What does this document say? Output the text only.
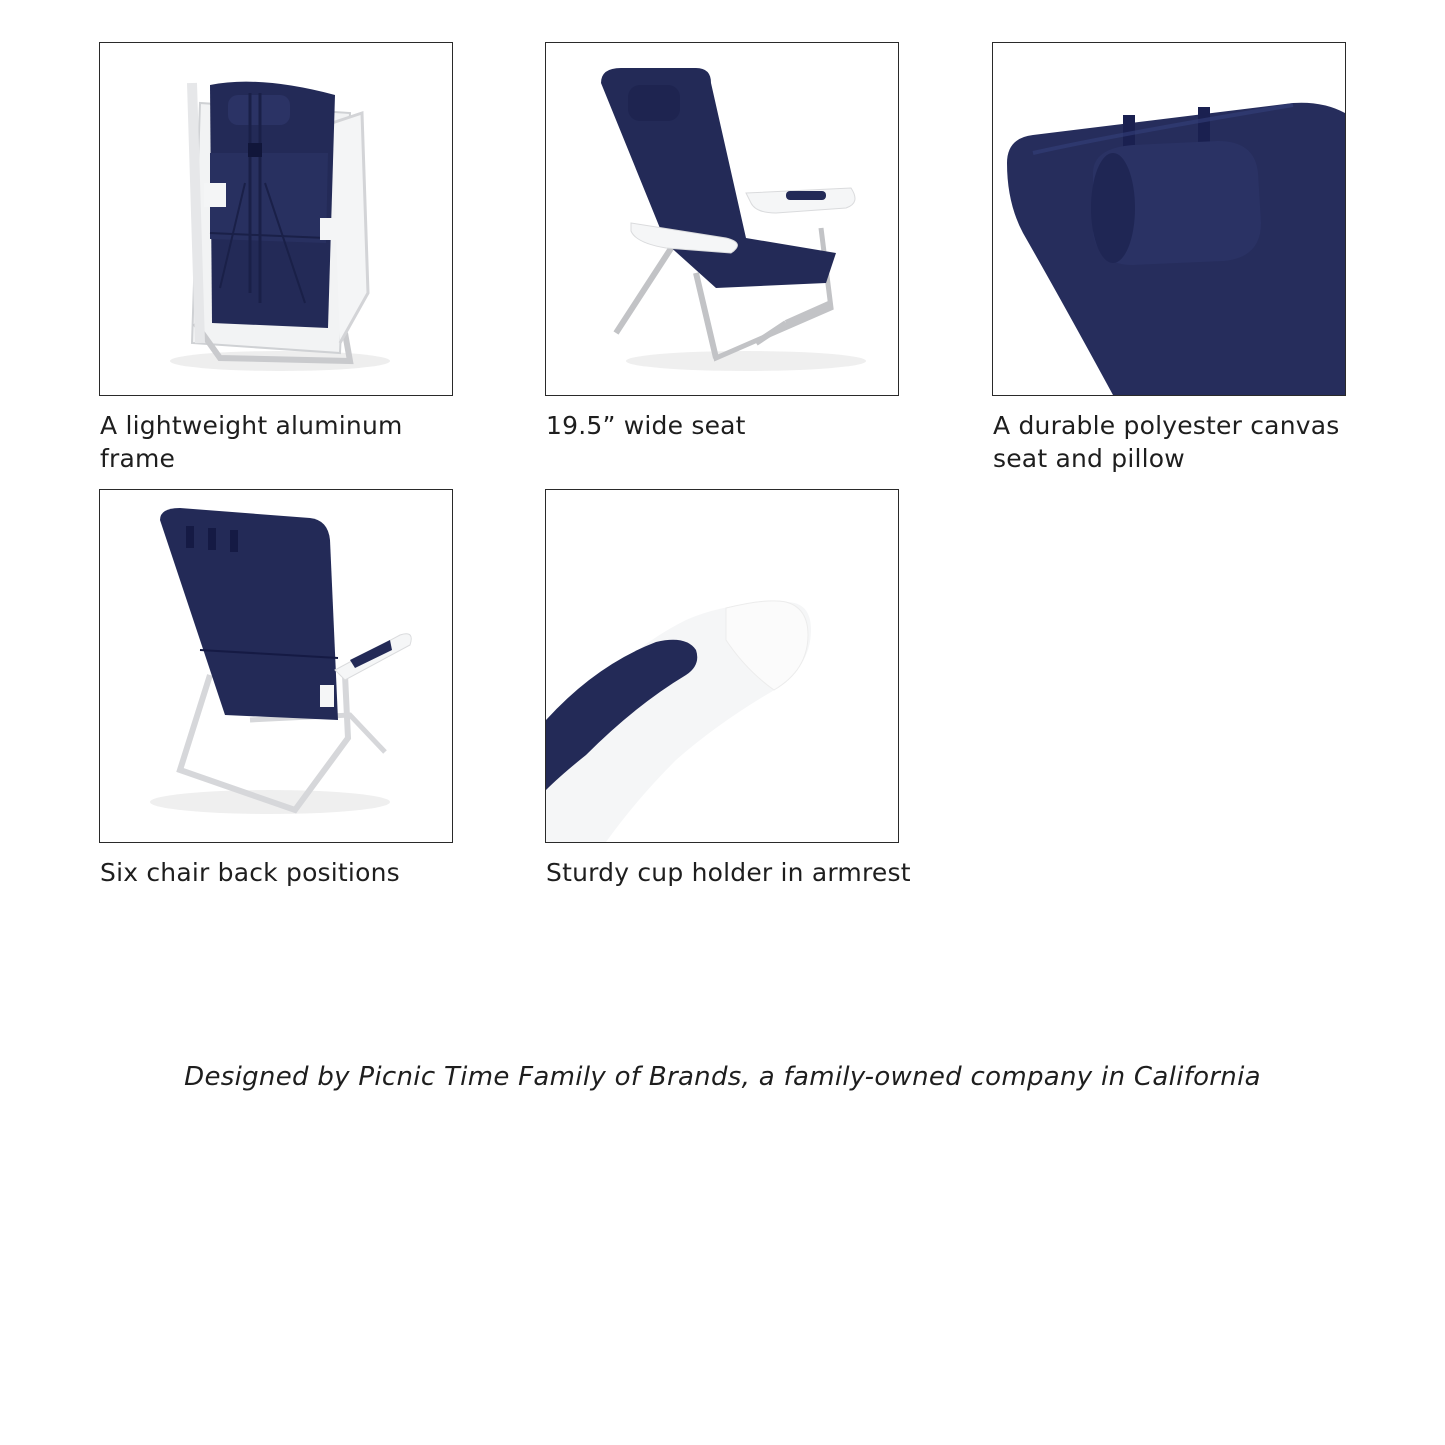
A lightweight aluminum frame
19.5” wide seat	A durable polyester canvas seat and pillow
Six chair back positions	Sturdy cup holder in armrest
Designed by Picnic Time Family of Brands, a family-owned company in California
